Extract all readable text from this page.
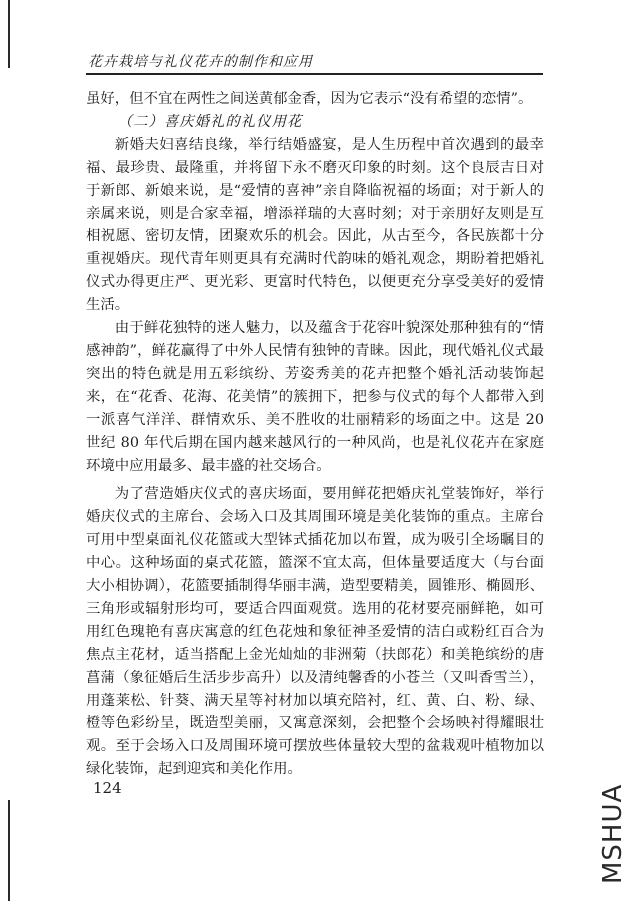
花卉栽培与礼仪花卉的制作和应用

虽好，但不宜在两性之间送黄郁金香，因为它表示“没有希望的恋情”。

（二）喜庆婚礼的礼仪用花

新婚夫妇喜结良缘，举行结婚盛宴，是人生历程中首次遇到的最幸福、最珍贵、最隆重，并将留下永不磨灭印象的时刻。这个良辰吉日对于新郎、新娘来说，是“爱情的喜神”亲自降临祝福的场面；对于新人的亲属来说，则是合家幸福，增添祥瑞的大喜时刻；对于亲朋好友则是互相祝愿、密切友情，团聚欢乐的机会。因此，从古至今，各民族都十分重视婚庆。现代青年则更具有充满时代韵味的婚礼观念，期盼着把婚礼仪式办得更庄严、更光彩、更富时代特色，以便更充分享受美好的爱情生活。

由于鲜花独特的迷人魅力，以及蕴含于花容叶貌深处那种独有的“情感神韵”，鲜花赢得了中外人民情有独钟的青睐。因此，现代婚礼仪式最突出的特色就是用五彩缤纷、芳姿秀美的花卉把整个婚礼活动装饰起来，在“花香、花海、花美情”的簇拥下，把参与仪式的每个人都带入到一派喜气洋洋、群情欢乐、美不胜收的壮丽精彩的场面之中。这是 20 世纪 80 年代后期在国内越来越风行的一种风尚，也是礼仪花卉在家庭环境中应用最多、最丰盛的社交场合。

为了营造婚庆仪式的喜庆场面，要用鲜花把婚庆礼堂装饰好，举行婚庆仪式的主席台、会场入口及其周围环境是美化装饰的重点。主席台可用中型桌面礼仪花篮或大型钵式插花加以布置，成为吸引全场瞩目的中心。这种场面的桌式花篮，篮深不宜太高，但体量要适度大（与台面大小相协调），花篮要插制得华丽丰满，造型要精美，圆锥形、椭圆形、三角形或辐射形均可，要适合四面观赏。选用的花材要亮丽鲜艳，如可用红色瑰艳有喜庆寓意的红色花烛和象征神圣爱情的洁白或粉红百合为焦点主花材，适当搭配上金光灿灿的非洲菊（扶郎花）和美艳缤纷的唐菖蒲（象征婚后生活步步高升）以及清纯馨香的小苍兰（又叫香雪兰），用蓬莱松、针葵、满天星等衬材加以填充陪衬，红、黄、白、粉、绿、橙等色彩纷呈，既造型美丽，又寓意深刻，会把整个会场映衬得耀眼壮观。至于会场入口及周围环境可摆放些体量较大型的盆栽观叶植物加以绿化装饰，起到迎宾和美化作用。

124	MSHUA
